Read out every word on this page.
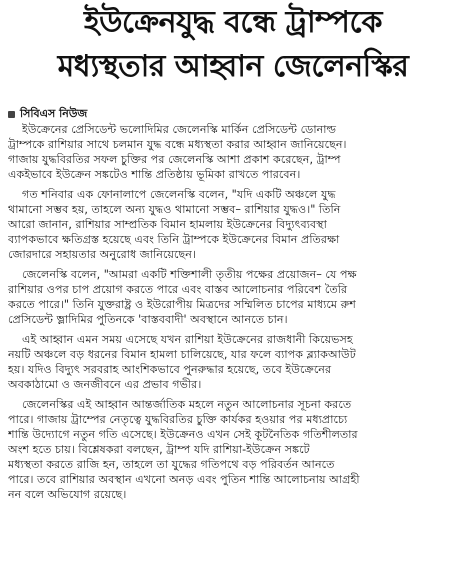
ইউক্রেনযুদ্ধ বন্ধে ট্রাম্পকে
মধ্যস্থতার আহ্বান জেলেনস্কির
সিবিএস নিউজ
ইউক্রেনের প্রেসিডেন্ট ভলোদিমির জেলেনস্কি মার্কিন প্রেসিডেন্ট ডোনাল্ড
ট্রাম্পকে রাশিয়ার সাথে চলমান যুদ্ধ বন্ধে মধ্যস্থতা করার আহ্বান জানিয়েছেন।
গাজায় যুদ্ধবিরতির সফল চুক্তির পর জেলেনস্কি আশা প্রকাশ করেছেন, ট্রাম্প
একইভাবে ইউক্রেন সঙ্কটেও শান্তি প্রতিষ্ঠায় ভূমিকা রাখতে পারবেন।
গত শনিবার এক ফোনালাপে জেলেনস্কি বলেন, "যদি একটি অঞ্চলে যুদ্ধ
থামানো সম্ভব হয়, তাহলে অন্য যুদ্ধও থামানো সম্ভব– রাশিয়ার যুদ্ধও।" তিনি
আরো জানান, রাশিয়ার সাম্প্রতিক বিমান হামলায় ইউক্রেনের বিদ্যুৎব্যবস্থা
ব্যাপকভাবে ক্ষতিগ্রস্ত হয়েছে এবং তিনি ট্রাম্পকে ইউক্রেনের বিমান প্রতিরক্ষা
জোরদারে সহায়তার অনুরোধ জানিয়েছেন।
জেলেনস্কি বলেন, "আমরা একটি শক্তিশালী তৃতীয় পক্ষের প্রয়োজন– যে পক্ষ
রাশিয়ার ওপর চাপ প্রয়োগ করতে পারে এবং বাস্তব আলোচনার পরিবেশ তৈরি
করতে পারে।" তিনি যুক্তরাষ্ট্র ও ইউরোপীয় মিত্রদের সম্মিলিত চাপের মাধ্যমে রুশ
প্রেসিডেন্ট ভ্লাদিমির পুতিনকে 'বাস্তববাদী' অবস্থানে আনতে চান।
এই আহ্বান এমন সময় এসেছে যখন রাশিয়া ইউক্রেনের রাজধানী কিয়েভসহ
নয়টি অঞ্চলে বড় ধরনের বিমান হামলা চালিয়েছে, যার ফলে ব্যাপক ব্ল্যাকআউট
হয়। যদিও বিদ্যুৎ সরবরাহ আংশিকভাবে পুনরুদ্ধার হয়েছে, তবে ইউক্রেনের
অবকাঠামো ও জনজীবনে এর প্রভাব গভীর।
জেলেনস্কির এই আহ্বান আন্তর্জাতিক মহলে নতুন আলোচনার সূচনা করতে
পারে। গাজায় ট্রাম্পের নেতৃত্বে যুদ্ধবিরতির চুক্তি কার্যকর হওয়ার পর মধ্যপ্রাচ্যে
শান্তি উদ্যোগে নতুন গতি এসেছে। ইউক্রেনও এখন সেই কূটনৈতিক গতিশীলতার
অংশ হতে চায়। বিশ্লেষকরা বলছেন, ট্রাম্প যদি রাশিয়া-ইউক্রেন সঙ্কটে
মধ্যস্থতা করতে রাজি হন, তাহলে তা যুদ্ধের গতিপথে বড় পরিবর্তন আনতে
পারে। তবে রাশিয়ার অবস্থান এখনো অনড় এবং পুতিন শান্তি আলোচনায় আগ্রহী
নন বলে অভিযোগ রয়েছে।
